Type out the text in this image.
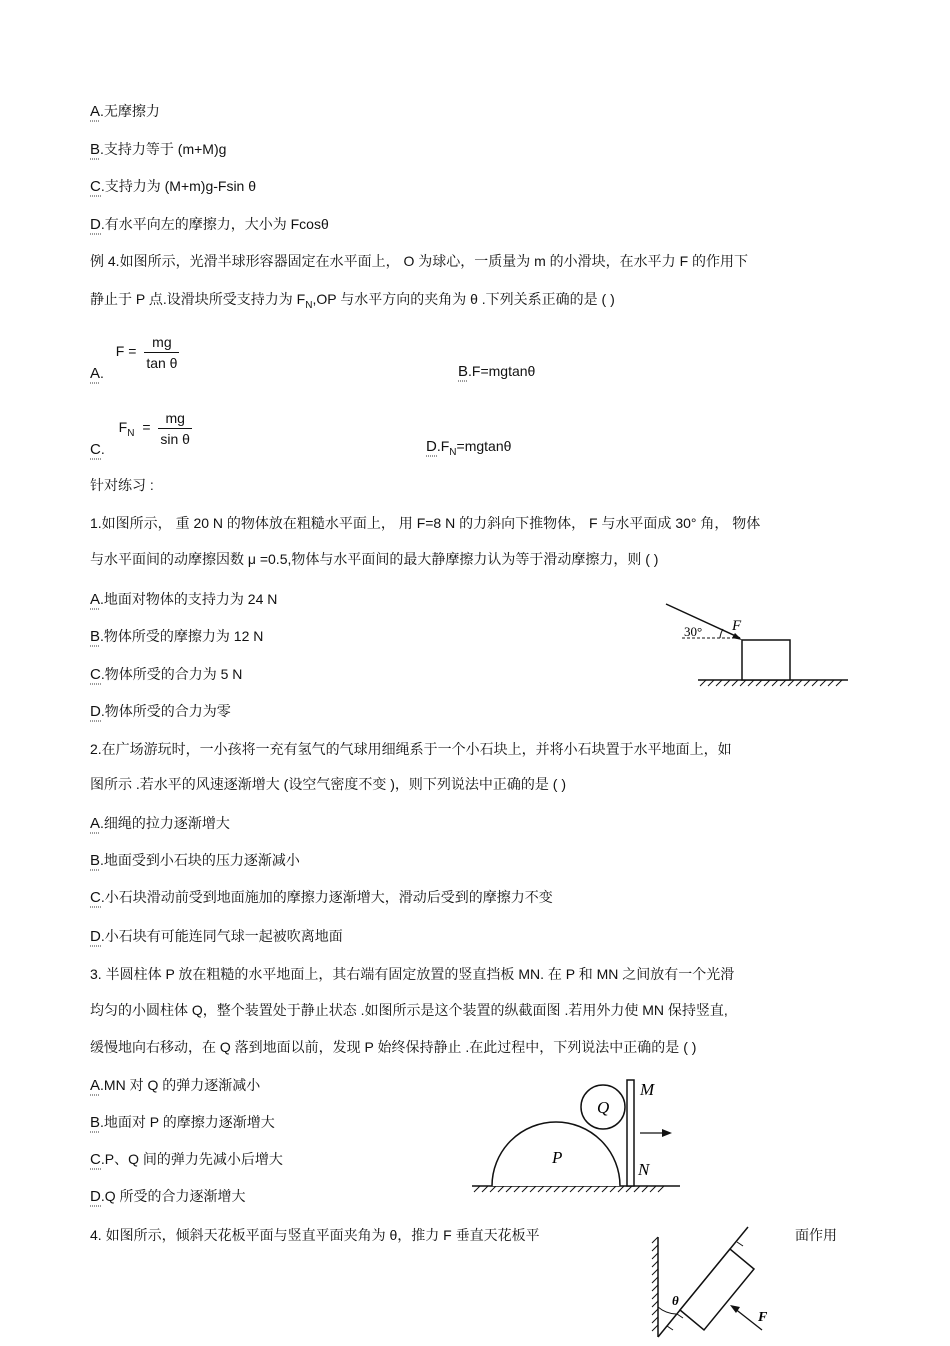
A.无摩擦力
B.支持力等于 (m+M)g
C.支持力为 (M+m)g-Fsin θ
D.有水平向左的摩擦力，大小为 Fcosθ
例 4.如图所示，光滑半球形容器固定在水平面上， O 为球心，一质量为 m 的小滑块，在水平力 F 的作用下
静止于 P 点.设滑块所受支持力为 $F_N,OP$ 与水平方向的夹角为 θ .下列关系正确的是 ( )
A. $F = \frac{mg}{\text{tan θ}}$	B.F=mgtanθ
C. $F_N = \frac{mg}{\text{sin θ}}$	$D.F_N=mgtan\theta$
针对练习 :
1.如图所示， 重 20 N 的物体放在粗糙水平面上， 用 F=8 N 的力斜向下推物体， F 与水平面成 30° 角， 物体
与水平面间的动摩擦因数 μ =0.5,物体与水平面间的最大静摩擦力认为等于滑动摩擦力，则 ( )
A.地面对物体的支持力为 24 N
B.物体所受的摩擦力为 12 N
C.物体所受的合力为 5 N
D.物体所受的合力为零
30° F
2.在广场游玩时，一小孩将一充有氢气的气球用细绳系于一个小石块上，并将小石块置于水平地面上，如
图所示 .若水平的风速逐渐增大 (设空气密度不变 )，则下列说法中正确的是 ( )
A.细绳的拉力逐渐增大
B.地面受到小石块的压力逐渐减小
C.小石块滑动前受到地面施加的摩擦力逐渐增大，滑动后受到的摩擦力不变
D.小石块有可能连同气球一起被吹离地面
3. 半圆柱体 P 放在粗糙的水平地面上，其右端有固定放置的竖直挡板 MN. 在 P 和 MN 之间放有一个光滑
均匀的小圆柱体 Q，整个装置处于静止状态 .如图所示是这个装置的纵截面图 .若用外力使 MN 保持竖直,
缓慢地向右移动，在 Q 落到地面以前，发现 P 始终保持静止 .在此过程中，下列说法中正确的是 ( )
A.MN 对 Q 的弹力逐渐减小
B.地面对 P 的摩擦力逐渐增大
C.P、Q 间的弹力先减小后增大
D.Q 所受的合力逐渐增大
Q
P
M
N
4. 如图所示，倾斜天花板平面与竖直平面夹角为 θ，推力 F 垂直天花板平	面作用
θ
F
